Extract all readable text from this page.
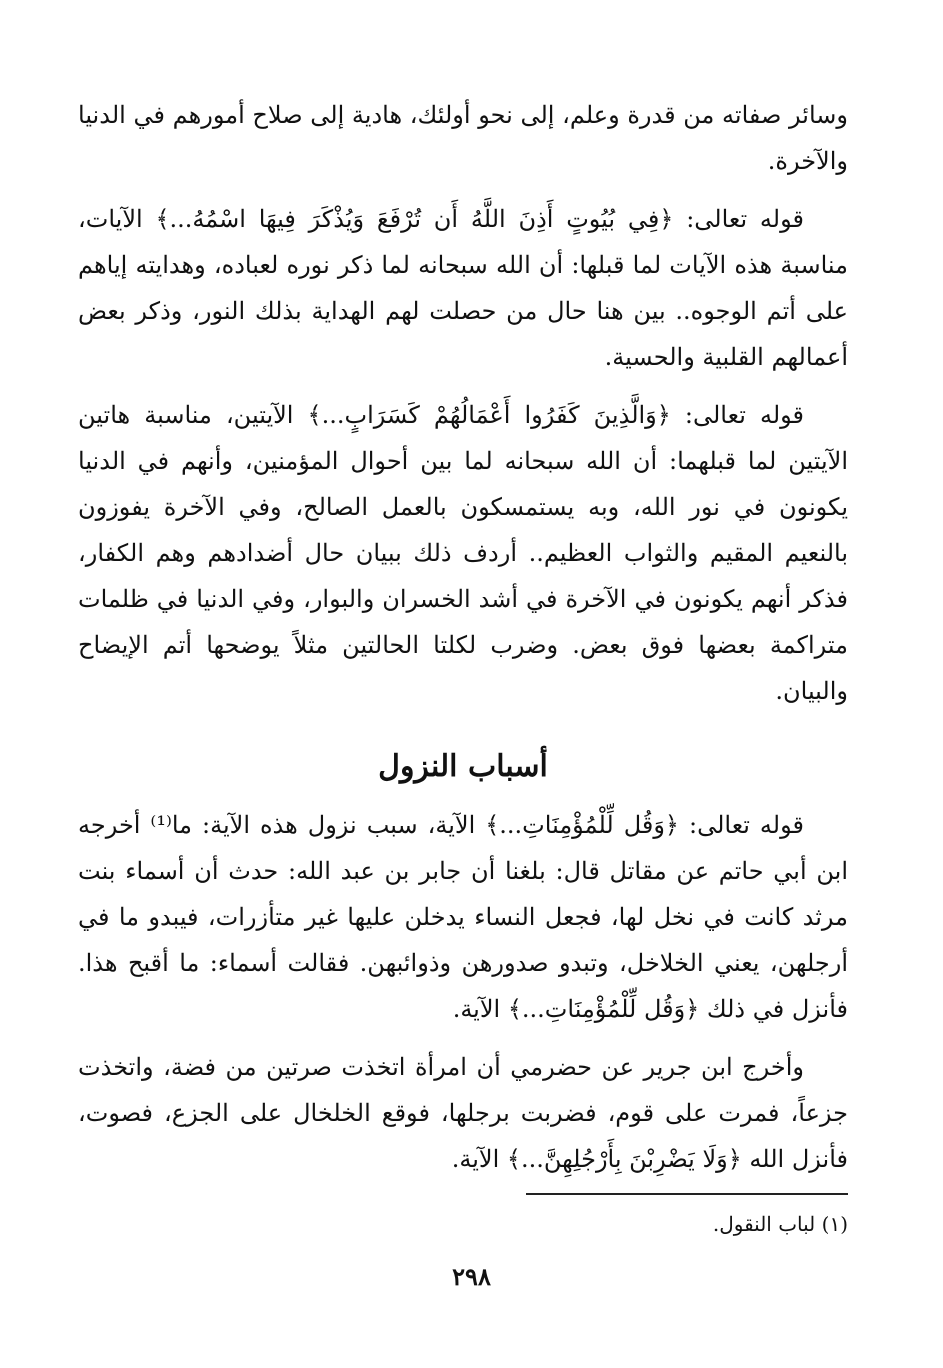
وسائر صفاته من قدرة وعلم، إلى نحو أولئك، هادية إلى صلاح أمورهم في الدنيا والآخرة.

قوله تعالى: ﴿فِي بُيُوتٍ أَذِنَ اللَّهُ أَن تُرْفَعَ وَيُذْكَرَ فِيهَا اسْمُهُ...﴾ الآيات، مناسبة هذه الآيات لما قبلها: أن الله سبحانه لما ذكر نوره لعباده، وهدايته إياهم على أتم الوجوه.. بين هنا حال من حصلت لهم الهداية بذلك النور، وذكر بعض أعمالهم القلبية والحسية.

قوله تعالى: ﴿وَالَّذِينَ كَفَرُوا أَعْمَالُهُمْ كَسَرَابٍ...﴾ الآيتين، مناسبة هاتين الآيتين لما قبلهما: أن الله سبحانه لما بين أحوال المؤمنين، وأنهم في الدنيا يكونون في نور الله، وبه يستمسكون بالعمل الصالح، وفي الآخرة يفوزون بالنعيم المقيم والثواب العظيم.. أردف ذلك ببيان حال أضدادهم وهم الكفار، فذكر أنهم يكونون في الآخرة في أشد الخسران والبوار، وفي الدنيا في ظلمات متراكمة بعضها فوق بعض. وضرب لكلتا الحالتين مثلاً يوضحها أتم الإيضاح والبيان.

أسباب النزول

قوله تعالى: ﴿وَقُل لِّلْمُؤْمِنَاتِ...﴾ الآية، سبب نزول هذه الآية: ما⁽¹⁾ أخرجه ابن أبي حاتم عن مقاتل قال: بلغنا أن جابر بن عبد الله: حدث أن أسماء بنت مرثد كانت في نخل لها، فجعل النساء يدخلن عليها غير متأزرات، فيبدو ما في أرجلهن، يعني الخلاخل، وتبدو صدورهن وذوائبهن. فقالت أسماء: ما أقبح هذا. فأنزل في ذلك ﴿وَقُل لِّلْمُؤْمِنَاتِ...﴾ الآية.

وأخرج ابن جرير عن حضرمي أن امرأة اتخذت صرتين من فضة، واتخذت جزعاً، فمرت على قوم، فضربت برجلها، فوقع الخلخال على الجزع، فصوت، فأنزل الله ﴿وَلَا يَضْرِبْنَ بِأَرْجُلِهِنَّ...﴾ الآية.

(١) لباب النقول.
٢٩٨
